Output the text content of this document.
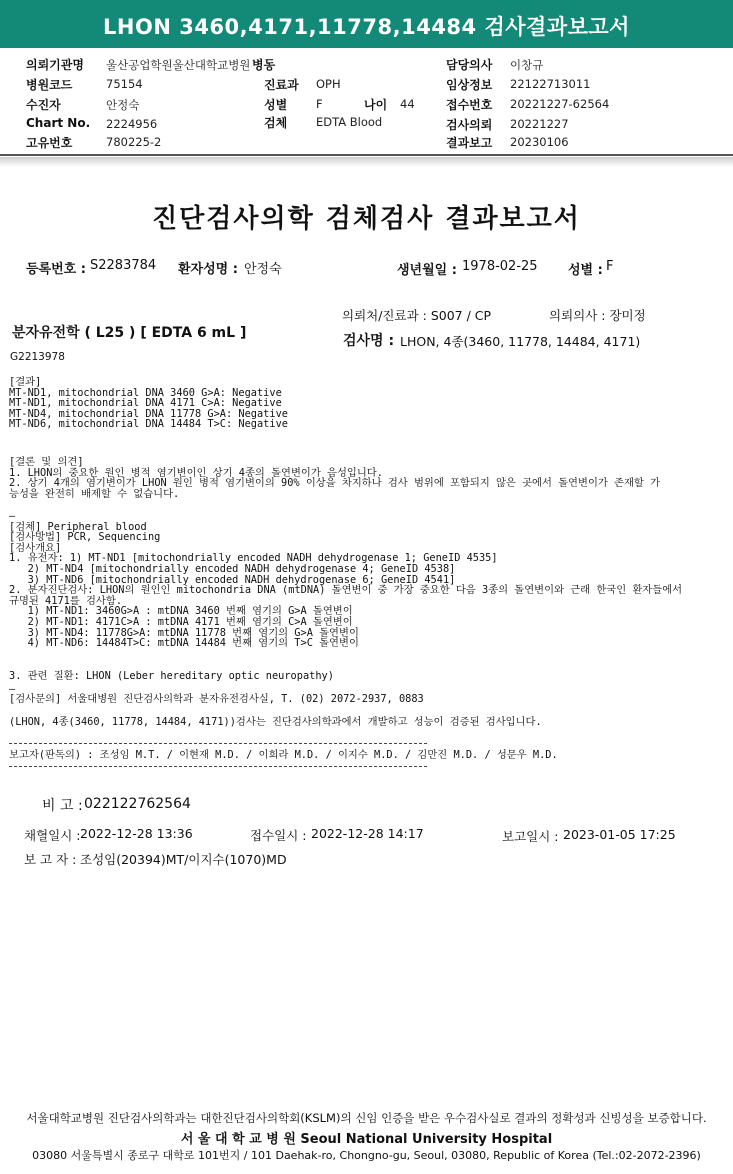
LHON 3460,4171,11778,14484 검사결과보고서
의뢰기관명 울산공업학원울산대학교병원 병동	담당의사 이창규
병원코드	75154	진료과 OPH	임상정보 22122713011
수진자	안정숙	성별	F	나이 44	접수번호 20221227-62564
Chart No. 2224956	검체	EDTA Blood	검사의뢰 20221227
고유번호	780225-2	결과보고 20230106
진단검사의학 검체검사 결과보고서
등록번호 : S2283784 환자성명 : 안정숙	생년월일 : 1978-02-25 성별 : F
의뢰처/진료과 : S007 / CP	의뢰의사 : 장미정
분자유전학 ( L25 ) [ EDTA 6 mL ]	검사명 : LHON, 4종(3460, 11778, 14484, 4171)
G2213978
[결과]
MT-ND1, mitochondrial DNA 3460 G>A: Negative
MT-ND1, mitochondrial DNA 4171 C>A: Negative
MT-ND4, mitochondrial DNA 11778 G>A: Negative
MT-ND6, mitochondrial DNA 14484 T>C: Negative
[결론 및 의견]
1. LHON의 중요한 원인 병적 염기변이인 상기 4종의 돌연변이가 음성입니다.
2. 상기 4개의 염기변이가 LHON 원인 병적 염기변이의 90% 이상을 차지하나 검사 범위에 포함되지 않은 곳에서 돌연변이가 존재할 가
능성을 완전히 배제할 수 없습니다.
—
[검체] Peripheral blood
[검사방법] PCR, Sequencing
[검사개요]
1. 유전자: 1) MT-ND1 [mitochondrially encoded NADH dehydrogenase 1; GeneID 4535]
2) MT-ND4 [mitochondrially encoded NADH dehydrogenase 4; GeneID 4538]
3) MT-ND6 [mitochondrially encoded NADH dehydrogenase 6; GeneID 4541]
2. 분자진단검사: LHON의 원인인 mitochondria DNA (mtDNA) 돌연변이 중 가장 중요한 다음 3종의 돌연변이와 근래 한국인 환자들에서
규명된 4171를 검사함.
1) MT-ND1: 3460G>A : mtDNA 3460 번째 염기의 G>A 돌연변이
2) MT-ND1: 4171C>A : mtDNA 4171 번째 염기의 C>A 돌연변이
3) MT-ND4: 11778G>A: mtDNA 11778 번째 염기의 G>A 돌연변이
4) MT-ND6: 14484T>C: mtDNA 14484 번째 염기의 T>C 돌연변이
3. 관련 질환: LHON (Leber hereditary optic neuropathy)
—
[검사문의] 서울대병원 진단검사의학과 분자유전검사실, T. (02) 2072-2937, 0883
(LHON, 4종(3460, 11778, 14484, 4171))검사는 진단검사의학과에서 개발하고 성능이 검증된 검사입니다.
보고자(판독의) : 조성임 M.T. / 이현재 M.D. / 이희라 M.D. / 이지수 M.D. / 김만진 M.D. / 성문우 M.D.
비 고 : 022122762564
채혈일시 : 2022-12-28 13:36	접수일시 : 2022-12-28 14:17	보고일시 : 2023-01-05 17:25
보 고 자 : 조성임(20394)MT/이지수(1070)MD
서울대학교병원 진단검사의학과는 대한진단검사의학회(KSLM)의 신임 인증을 받은 우수검사실로 결과의 정확성과 신빙성을 보증합니다.
서 울 대 학 교 병 원 Seoul National University Hospital
03080 서울특별시 종로구 대학로 101번지 / 101 Daehak-ro, Chongno-gu, Seoul, 03080, Republic of Korea (Tel.:02-2072-2396)
